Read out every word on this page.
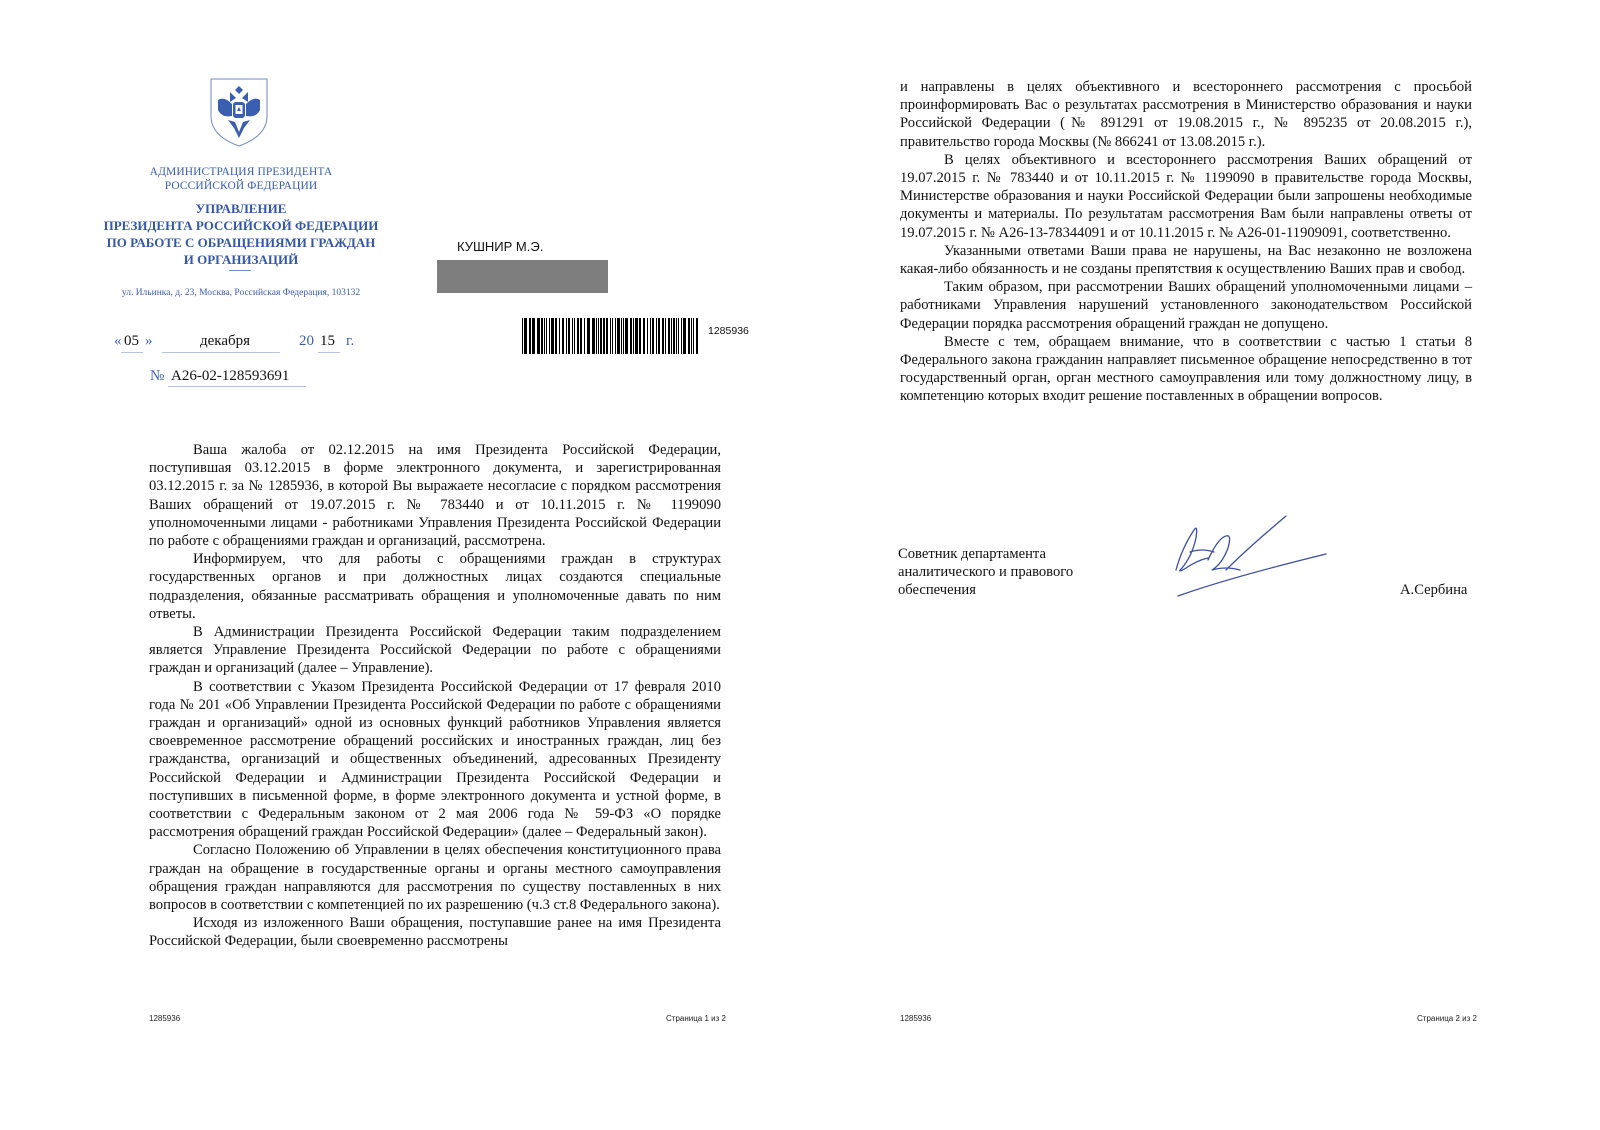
АДМИНИСТРАЦИЯ ПРЕЗИДЕНТА
РОССИЙСКОЙ ФЕДЕРАЦИИ
УПРАВЛЕНИЕ
ПРЕЗИДЕНТА РОССИЙСКОЙ ФЕДЕРАЦИИ
ПО РАБОТЕ С ОБРАЩЕНИЯМИ ГРАЖДАН
И ОРГАНИЗАЦИЙ
ул. Ильинка, д. 23, Москва, Российская Федерация, 103132
« 05 »	декабря	20 15 г.
№ А26-02-128593691
КУШНИР М.Э.
1285936

Ваша жалоба от 02.12.2015 на имя Президента Российской Федерации, поступившая 03.12.2015 в форме электронного документа, и зарегистрированная 03.12.2015 г. за № 1285936, в которой Вы выражаете несогласие с порядком рассмотрения Ваших обращений от 19.07.2015 г. № 783440 и от 10.11.2015 г. № 1199090 уполномоченными лицами - работниками Управления Президента Российской Федерации по работе с обращениями граждан и организаций, рассмотрена.

Информируем, что для работы с обращениями граждан в структурах государственных органов и при должностных лицах создаются специальные подразделения, обязанные рассматривать обращения и уполномоченные давать по ним ответы.

В Администрации Президента Российской Федерации таким подразделением является Управление Президента Российской Федерации по работе с обращениями граждан и организаций (далее – Управление).

В соответствии с Указом Президента Российской Федерации от 17 февраля 2010 года № 201 «Об Управлении Президента Российской Федерации по работе с обращениями граждан и организаций» одной из основных функций работников Управления является своевременное рассмотрение обращений российских и иностранных граждан, лиц без гражданства, организаций и общественных объединений, адресованных Президенту Российской Федерации и Администрации Президента Российской Федерации и поступивших в письменной форме, в форме электронного документа и устной форме, в соответствии с Федеральным законом от 2 мая 2006 года № 59-ФЗ «О порядке рассмотрения обращений граждан Российской Федерации» (далее – Федеральный закон).

Согласно Положению об Управлении в целях обеспечения конституционного права граждан на обращение в государственные органы и органы местного самоуправления обращения граждан направляются для рассмотрения по существу поставленных в них вопросов в соответствии с компетенцией по их разрешению (ч.3 ст.8 Федерального закона).

Исходя из изложенного Ваши обращения, поступавшие ранее на имя Президента Российской Федерации, были своевременно рассмотрены

1285936	Страница 1 из 2

и направлены в целях объективного и всестороннего рассмотрения с просьбой проинформировать Вас о результатах рассмотрения в Министерство образования и науки Российской Федерации (№ 891291 от 19.08.2015 г., № 895235 от 20.08.2015 г.), правительство города Москвы (№ 866241 от 13.08.2015 г.).

В целях объективного и всестороннего рассмотрения Ваших обращений от 19.07.2015 г. № 783440 и от 10.11.2015 г. № 1199090 в правительстве города Москвы, Министерстве образования и науки Российской Федерации были запрошены необходимые документы и материалы. По результатам рассмотрения Вам были направлены ответы от 19.07.2015 г. № А26-13-78344091 и от 10.11.2015 г. № А26-01-11909091, соответственно.

Указанными ответами Ваши права не нарушены, на Вас незаконно не возложена какая-либо обязанность и не созданы препятствия к осуществлению Ваших прав и свобод.

Таким образом, при рассмотрении Ваших обращений уполномоченными лицами – работниками Управления нарушений установленного законодательством Российской Федерации порядка рассмотрения обращений граждан не допущено.

Вместе с тем, обращаем внимание, что в соответствии с частью 1 статьи 8 Федерального закона гражданин направляет письменное обращение непосредственно в тот государственный орган, орган местного самоуправления или тому должностному лицу, в компетенцию которых входит решение поставленных в обращении вопросов.

Советник департамента
аналитического и правового
обеспечения	А.Сербина
1285936	Страница 2 из 2
